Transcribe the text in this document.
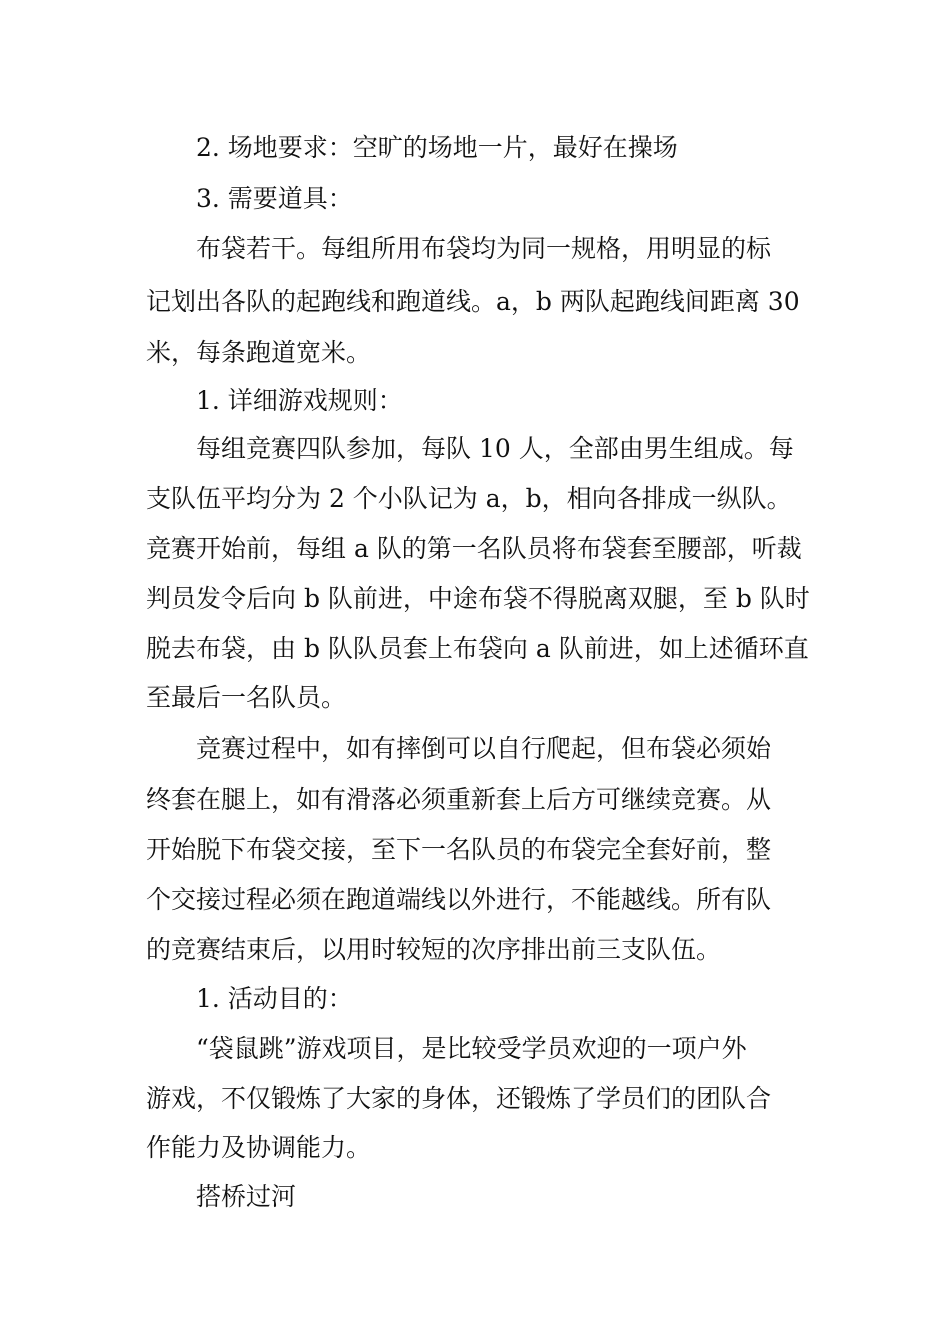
2. 场地要求：空旷的场地一片，最好在操场
3. 需要道具：
布袋若干。每组所用布袋均为同一规格，用明显的标
记划出各队的起跑线和跑道线。a，b 两队起跑线间距离 30
米，每条跑道宽米。
1. 详细游戏规则：
每组竞赛四队参加，每队 10 人，全部由男生组成。每
支队伍平均分为 2 个小队记为 a，b，相向各排成一纵队。
竞赛开始前，每组 a 队的第一名队员将布袋套至腰部，听裁
判员发令后向 b 队前进，中途布袋不得脱离双腿，至 b 队时
脱去布袋，由 b 队队员套上布袋向 a 队前进，如上述循环直
至最后一名队员。
竞赛过程中，如有摔倒可以自行爬起，但布袋必须始
终套在腿上，如有滑落必须重新套上后方可继续竞赛。从
开始脱下布袋交接，至下一名队员的布袋完全套好前，整
个交接过程必须在跑道端线以外进行，不能越线。所有队
的竞赛结束后，以用时较短的次序排出前三支队伍。
1. 活动目的：
“袋鼠跳”游戏项目，是比较受学员欢迎的一项户外
游戏，不仅锻炼了大家的身体，还锻炼了学员们的团队合
作能力及协调能力。
搭桥过河
